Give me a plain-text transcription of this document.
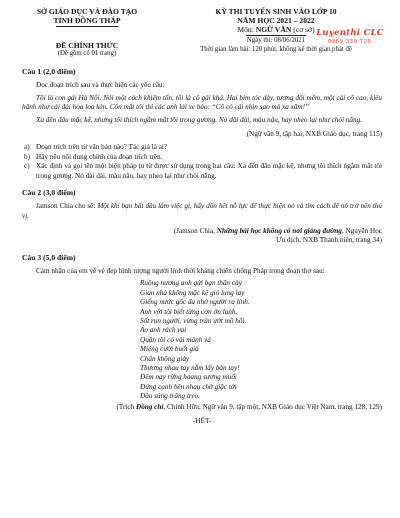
SỞ GIÁO DỤC VÀ ĐÀO TẠO
TỈNH ĐỒNG THÁP
ĐỀ CHÍNH THỨC
(Đề gồm có 01 trang)
KỲ THI TUYỂN SINH VÀO LỚP 10
NĂM HỌC 2021 – 2022
Môn: NGỮ VĂN (cơ sở)
Ngày thi: 08/06/2021
Thời gian làm bài: 120 phút, không kể thời gian phát đề
Luyenthi CLC
0969 339 725
Câu 1 (2,0 điểm)
Đọc đoạn trích sau và thực hiện các yêu cầu:
Tôi là con gái Hà Nội. Nói một cách khiêm tốn, tôi là cô gái khá. Hai bím tóc dày, tương đối mềm, một cái cổ cao, kiêu hãnh như cái đài hoa loa kèn. Còn mắt tôi thì các anh lái xe bảo: “Cô có cái nhìn sao mà xa xăm!”
Xa đến đâu mặc kệ, nhưng tôi thích ngắm mắt tôi trong gương. Nó dài dài, màu nâu, hay nheo lại như chói nắng.
(Ngữ văn 9, tập hai, NXB Giáo dục, trang 115)
a) Đoạn trích trên từ văn bản nào? Tác giả là ai?
b) Hãy nêu nội dung chính của đoạn trích trên.
c) Xác định và gọi tên một biện pháp tu từ được sử dụng trong hai câu: Xa đến đâu mặc kệ, nhưng tôi thích ngắm mắt tôi trong gương. Nó dài dài, màu nâu, hay nheo lại như chói nắng.
Câu 2 (3,0 điểm)
Jamson Chia cho sẽ: Một khi bạn bắt đầu làm việc gì, hãy dồn hết nỗ lực để thực hiện nó và tìm cách để nó trở nên thú vị.
(Jamson Chia, Những bài học không có nơi giảng đường, Nguyễn Học Ưu dịch, NXB Thanh niên, trang 34)
Câu 3 (5,0 điểm)
Cảm nhận của em về vẻ đẹp hình tượng người lính thời kháng chiến chống Pháp trong đoạn thơ sau:
Ruộng nương anh gửi bạn thân cày
Gian nhà không mặc kệ gió lung lay
Giếng nước gốc đa nhớ người ra lính.
Anh với tôi biết từng cơn ớn lạnh,
Sốt run người, vừng trán ướt mồ hôi.
Áo anh rách vai
Quần tôi có vài mảnh vá
Miệng cười buốt giá
Chân không giày
Thương nhau tay nắm lấy bàn tay!
Đêm nay rừng hoang sương muối
Đứng cạnh bên nhau chờ giặc tới
Đầu súng trăng treo.
(Trích Đồng chí, Chính Hữu, Ngữ văn 9, tập một, NXB Giáo dục Việt Nam, trang 128, 129)
-HẾT-
